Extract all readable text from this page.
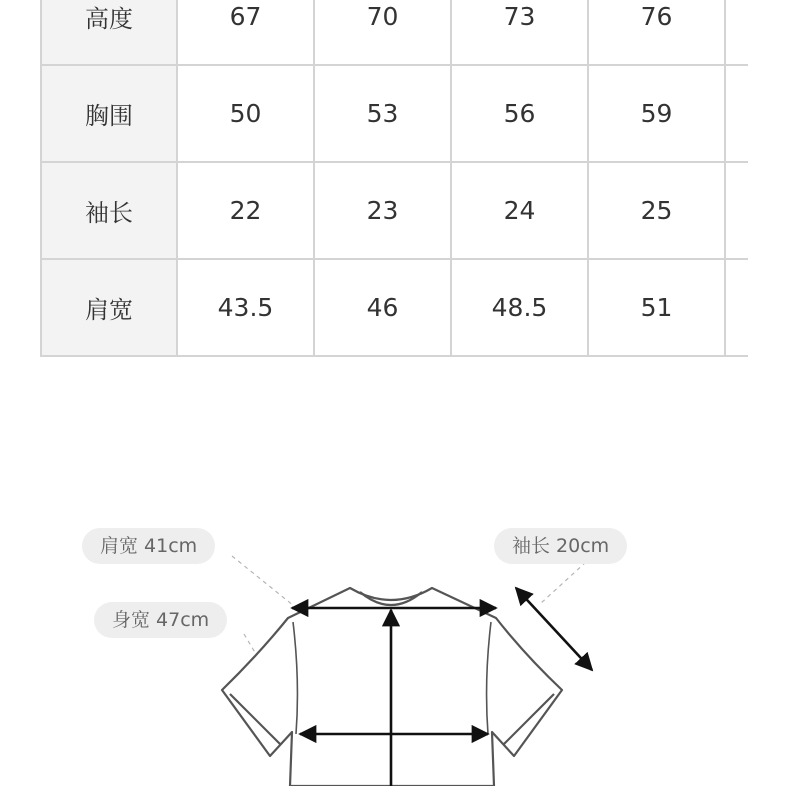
高度	67	70	73	76	
胸围	50	53	56	59	
袖长	22	23	24	25	
肩宽	43.5	46	48.5	51	
肩宽 41cm	袖长 20cm
身宽 47cm
